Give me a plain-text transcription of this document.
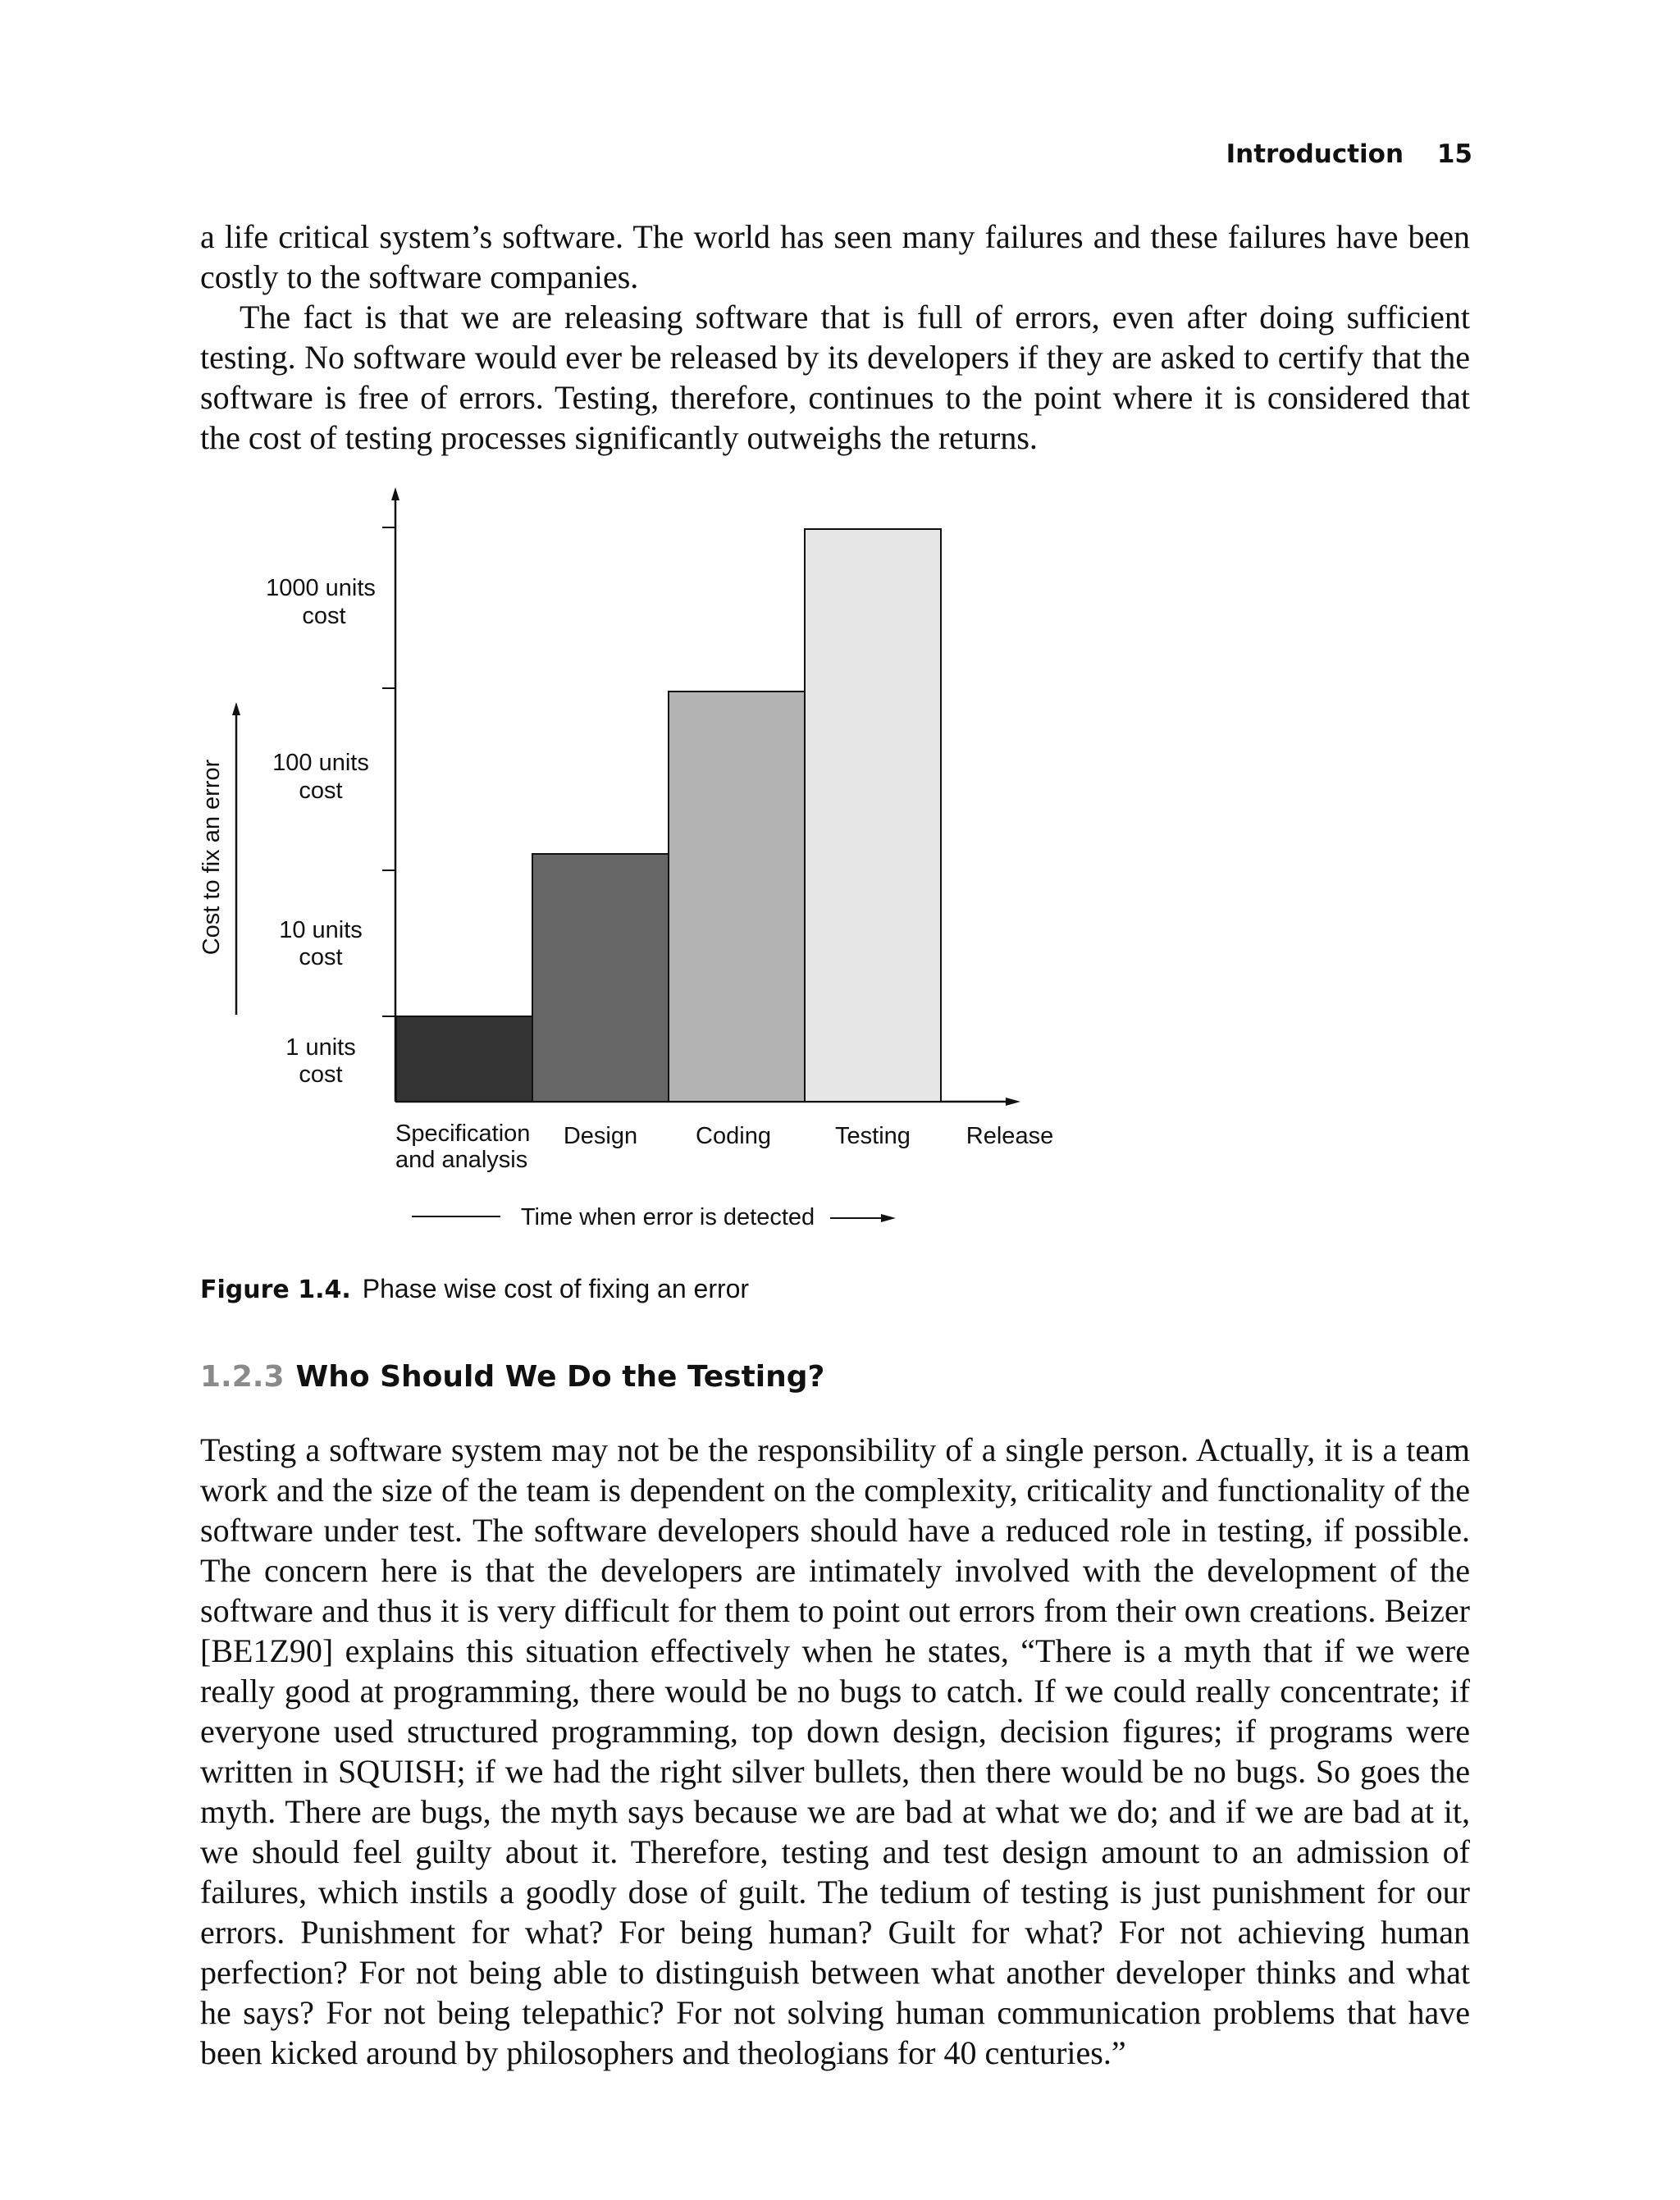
Introduction 15

a life critical system’s software. The world has seen many failures and these failures have been costly to the software companies.

The fact is that we are releasing software that is full of errors, even after doing sufficient testing. No software would ever be released by its developers if they are asked to certify that the software is free of errors. Testing, therefore, continues to the point where it is considered that the cost of testing processes significantly outweighs the returns.

Cost to fix an error
1000 units
cost
100 units
cost
10 units
cost
1 units
cost
Specification
and analysis
Design Coding	Testing Release
Time when error is detected
Figure 1.4. Phase wise cost of fixing an error
1.2.3 Who Should We Do the Testing?

Testing a software system may not be the responsibility of a single person. Actually, it is a team work and the size of the team is dependent on the complexity, criticality and functionality of the software under test. The software developers should have a reduced role in testing, if possible. The concern here is that the developers are intimately involved with the development of the software and thus it is very difficult for them to point out errors from their own creations. Beizer [BE1Z90] explains this situation effectively when he states, “There is a myth that if we were really good at programming, there would be no bugs to catch. If we could really concentrate; if everyone used structured programming, top down design, decision figures; if programs were written in SQUISH; if we had the right silver bullets, then there would be no bugs. So goes the myth. There are bugs, the myth says because we are bad at what we do; and if we are bad at it, we should feel guilty about it. Therefore, testing and test design amount to an admission of failures, which instils a goodly dose of guilt. The tedium of testing is just punishment for our errors. Punishment for what? For being human? Guilt for what? For not achieving human perfection? For not being able to distinguish between what another developer thinks and what he says? For not being telepathic? For not solving human communication problems that have been kicked around by philosophers and theologians for 40 centuries.”
